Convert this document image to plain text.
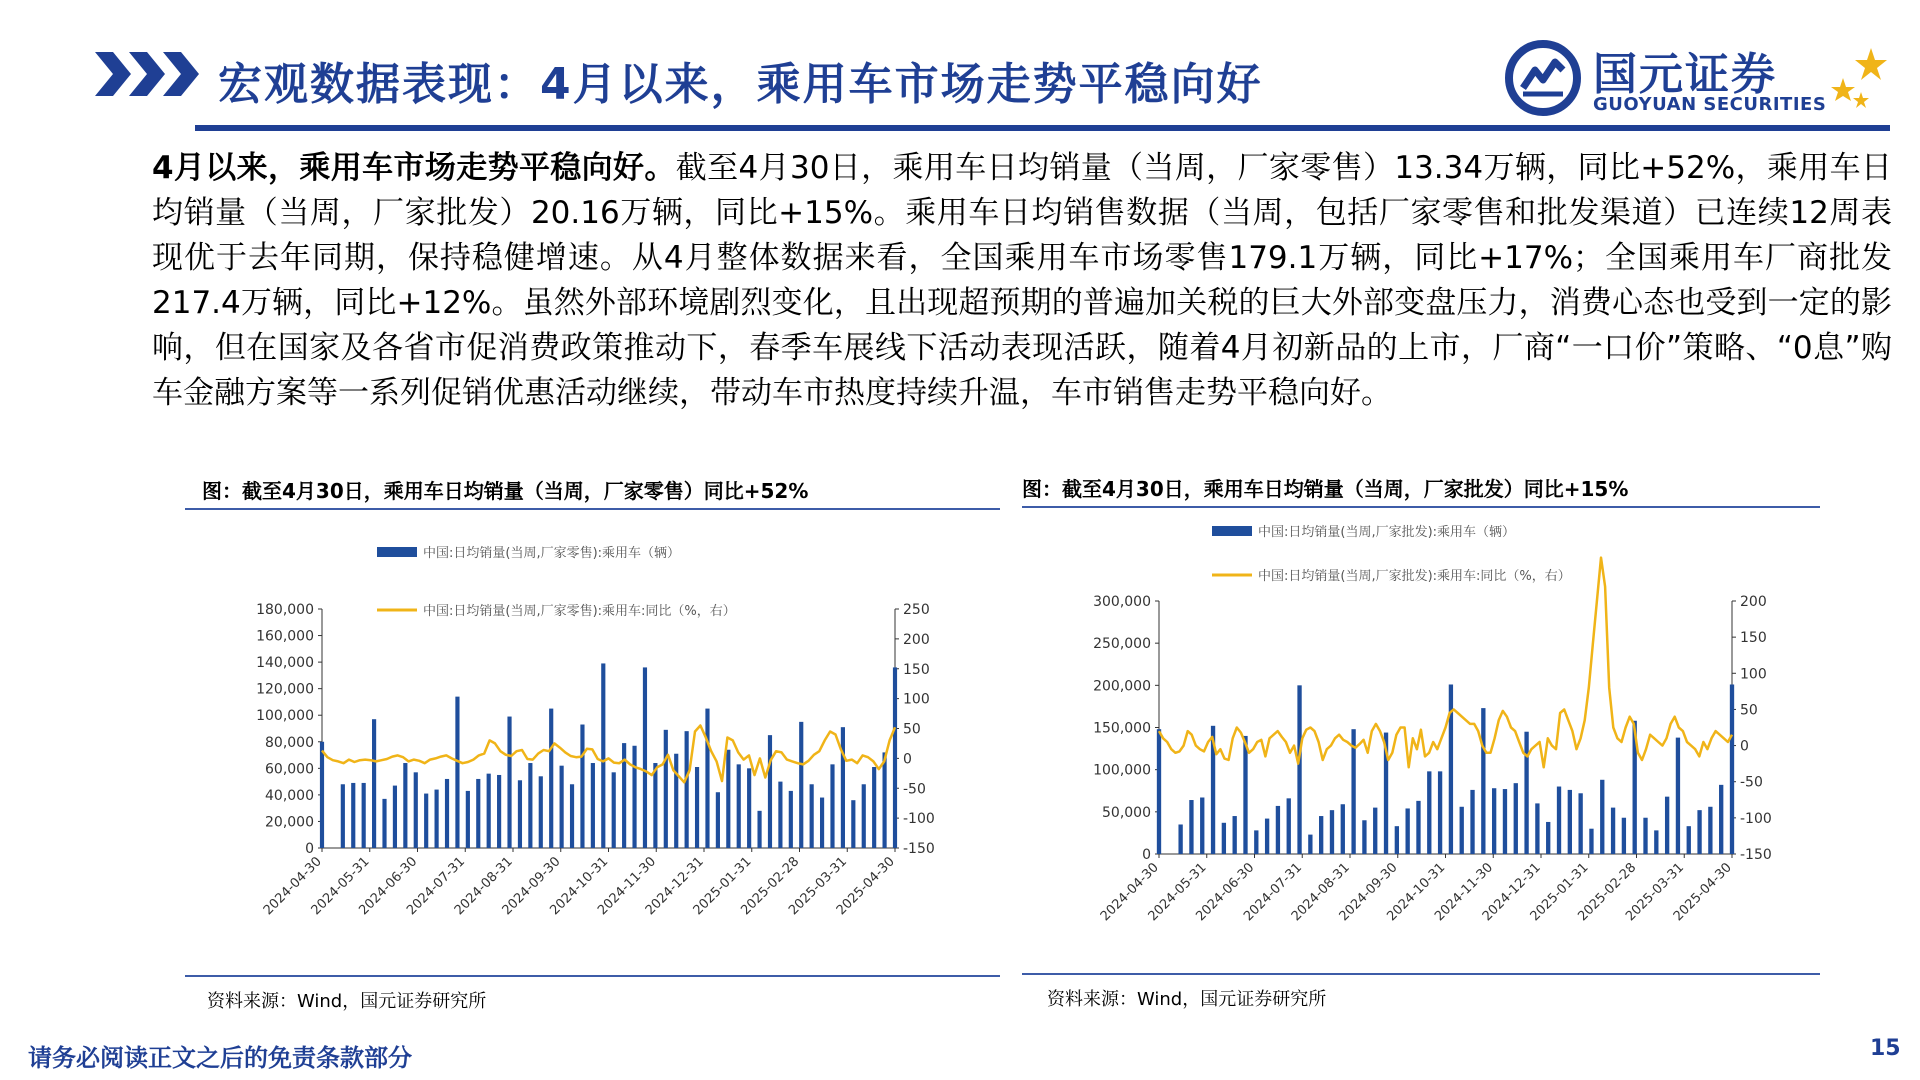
宏观数据表现：4月以来，乘用车市场走势平稳向好	国元证券
GUOYUAN SECURITIES
4月以来，乘用车市场走势平稳向好。截至4月30日，乘用车日均销量（当周，厂家零售）13.34万辆，同比+52%，乘用车日均销量（当周，厂家批发）20.16万辆，同比+15%。乘用车日均销售数据（当周，包括厂家零售和批发渠道）已连续12周表现优于去年同期，保持稳健增速。从4月整体数据来看，全国乘用车市场零售179.1万辆，同比+17%；全国乘用车厂商批发217.4万辆，同比+12%。虽然外部环境剧烈变化，且出现超预期的普遍加关税的巨大外部变盘压力，消费心态也受到一定的影响，但在国家及各省市促消费政策推动下，春季车展线下活动表现活跃，随着4月初新品的上市，厂商“一口价”策略、“0息”购车金融方案等一系列促销优惠活动继续，带动车市热度持续升温，车市销售走势平稳向好。
图：截至4月30日，乘用车日均销量（当周，厂家零售）同比+52%
中国:日均销量(当周,厂家零售):乘用车（辆）
中国:日均销量(当周,厂家零售):乘用车:同比（%，右）
0
20,000
40,000
60,000
80,000
100,000
120,000
140,000
160,000
180,000
-150
-100
-50
0
50
100
150
200
250
2024-04-30
2024-05-31
2024-06-30
2024-07-31
2024-08-31
2024-09-30
2024-10-31
2024-11-30
2024-12-31
2025-01-31
2025-02-28
2025-03-31
2025-04-30
资料来源：Wind，国元证券研究所
图：截至4月30日，乘用车日均销量（当周，厂家批发）同比+15%
中国:日均销量(当周,厂家批发):乘用车（辆）
中国:日均销量(当周,厂家批发):乘用车:同比（%，右）
0
50,000
100,000
150,000
200,000
250,000
300,000
-150
-100
-50
0
50
100
150
200
2024-04-30
2024-05-31
2024-06-30
2024-07-31
2024-08-31
2024-09-30
2024-10-31
2024-11-30
2024-12-31
2025-01-31
2025-02-28
2025-03-31
2025-04-30
资料来源：Wind，国元证券研究所
请务必阅读正文之后的免责条款部分	15
